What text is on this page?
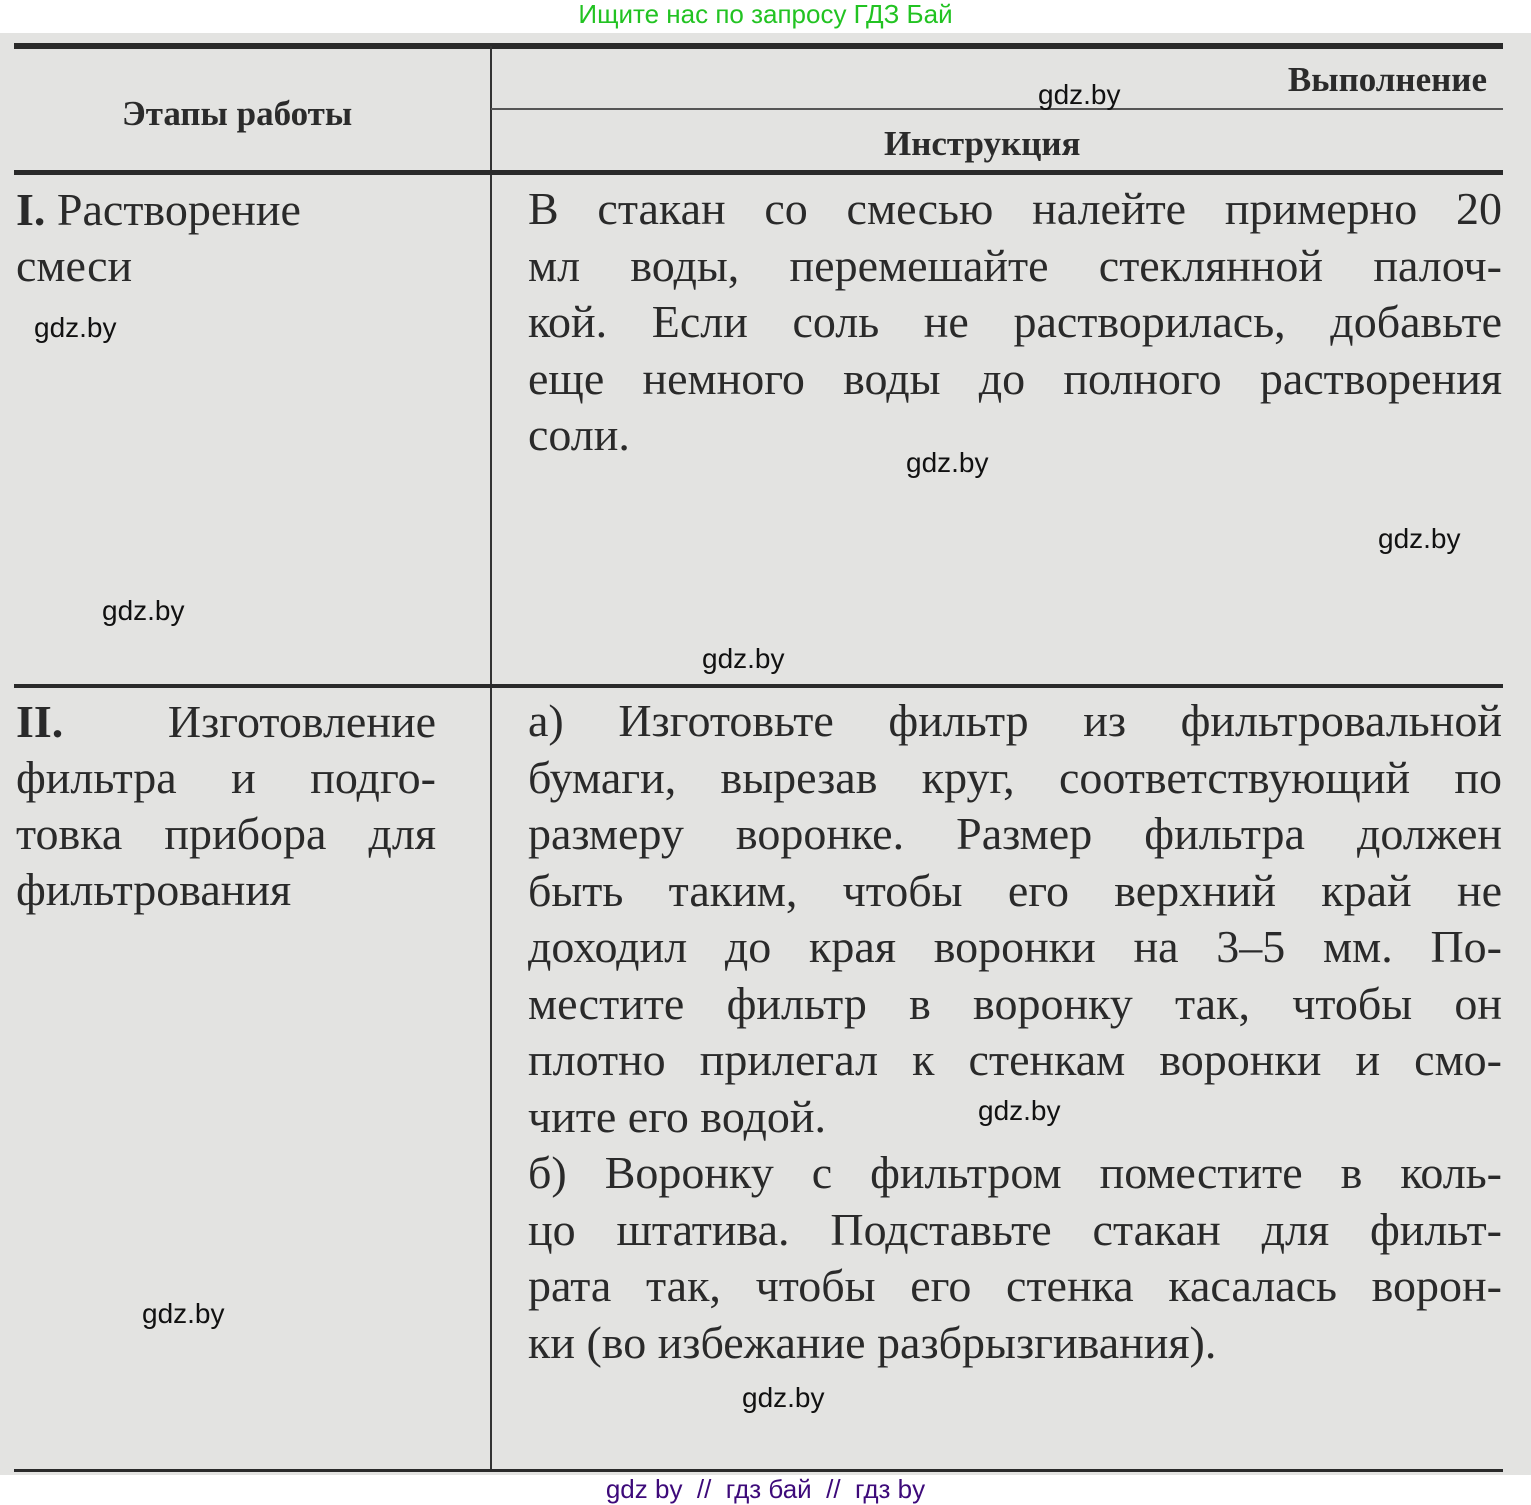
Ищите нас по запросу ГДЗ Бай
Этапы работы
Выполнение
Инструкция
I. Растворение смеси
В стакан со смесью налейте примерно 20
мл воды, перемешайте стеклянной палоч-
кой. Если соль не растворилась, добавьте
еще немного воды до полного растворения
соли.
II. Изготовление фильтра и подго-товка прибора для фильтрования
а) Изготовьте фильтр из фильтровальной
бумаги, вырезав круг, соответствующий по
размеру воронке. Размер фильтра должен
быть таким, чтобы его верхний край не
доходил до края воронки на 3–5 мм. По-
местите фильтр в воронку так, чтобы он
плотно прилегал к стенкам воронки и смо-
чите его водой.
б) Воронку с фильтром поместите в коль-
цо штатива. Подставьте стакан для фильт-
рата так, чтобы его стенка касалась ворон-
ки (во избежание разбрызгивания).
gdz.by
gdz.by
gdz.by
gdz.by
gdz.by
gdz.by
gdz.by
gdz.by
gdz.by
gdz by  //  гдз бай  //  гдз by
